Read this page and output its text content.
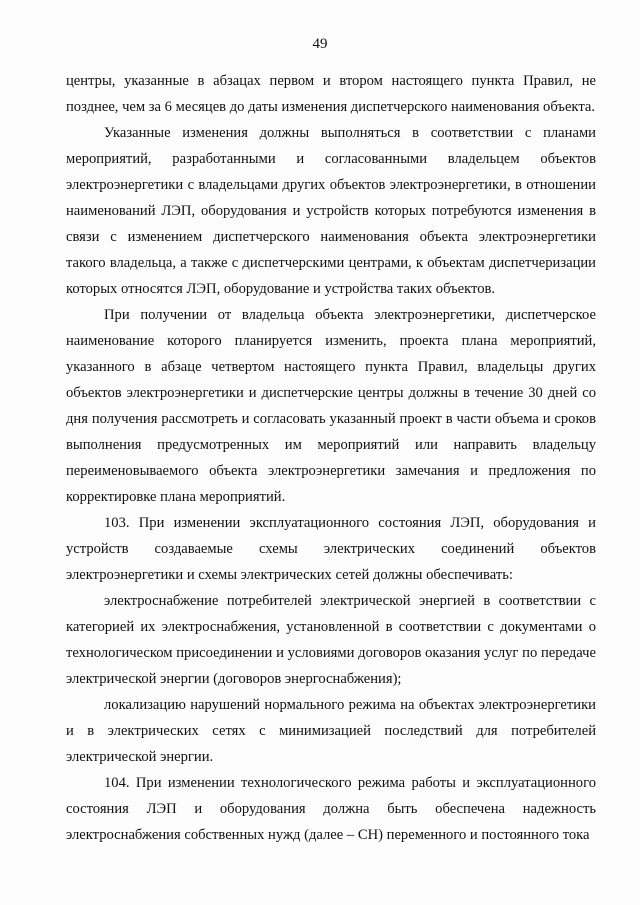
49

центры, указанные в абзацах первом и втором настоящего пункта Правил, не позднее, чем за 6 месяцев до даты изменения диспетчерского наименования объекта.

Указанные изменения должны выполняться в соответствии с планами мероприятий, разработанными и согласованными владельцем объектов электроэнергетики с владельцами других объектов электроэнергетики, в отношении наименований ЛЭП, оборудования и устройств которых потребуются изменения в связи с изменением диспетчерского наименования объекта электроэнергетики такого владельца, а также с диспетчерскими центрами, к объектам диспетчеризации которых относятся ЛЭП, оборудование и устройства таких объектов.

При получении от владельца объекта электроэнергетики, диспетчерское наименование которого планируется изменить, проекта плана мероприятий, указанного в абзаце четвертом настоящего пункта Правил, владельцы других объектов электроэнергетики и диспетчерские центры должны в течение 30 дней со дня получения рассмотреть и согласовать указанный проект в части объема и сроков выполнения предусмотренных им мероприятий или направить владельцу переименовываемого объекта электроэнергетики замечания и предложения по корректировке плана мероприятий.

103. При изменении эксплуатационного состояния ЛЭП, оборудования и устройств создаваемые схемы электрических соединений объектов электроэнергетики и схемы электрических сетей должны обеспечивать:

электроснабжение потребителей электрической энергией в соответствии с категорией их электроснабжения, установленной в соответствии с документами о технологическом присоединении и условиями договоров оказания услуг по передаче электрической энергии (договоров энергоснабжения);

локализацию нарушений нормального режима на объектах электроэнергетики и в электрических сетях с минимизацией последствий для потребителей электрической энергии.

104. При изменении технологического режима работы и эксплуатационного состояния ЛЭП и оборудования должна быть обеспечена надежность электроснабжения собственных нужд (далее – СН) переменного и постоянного тока
